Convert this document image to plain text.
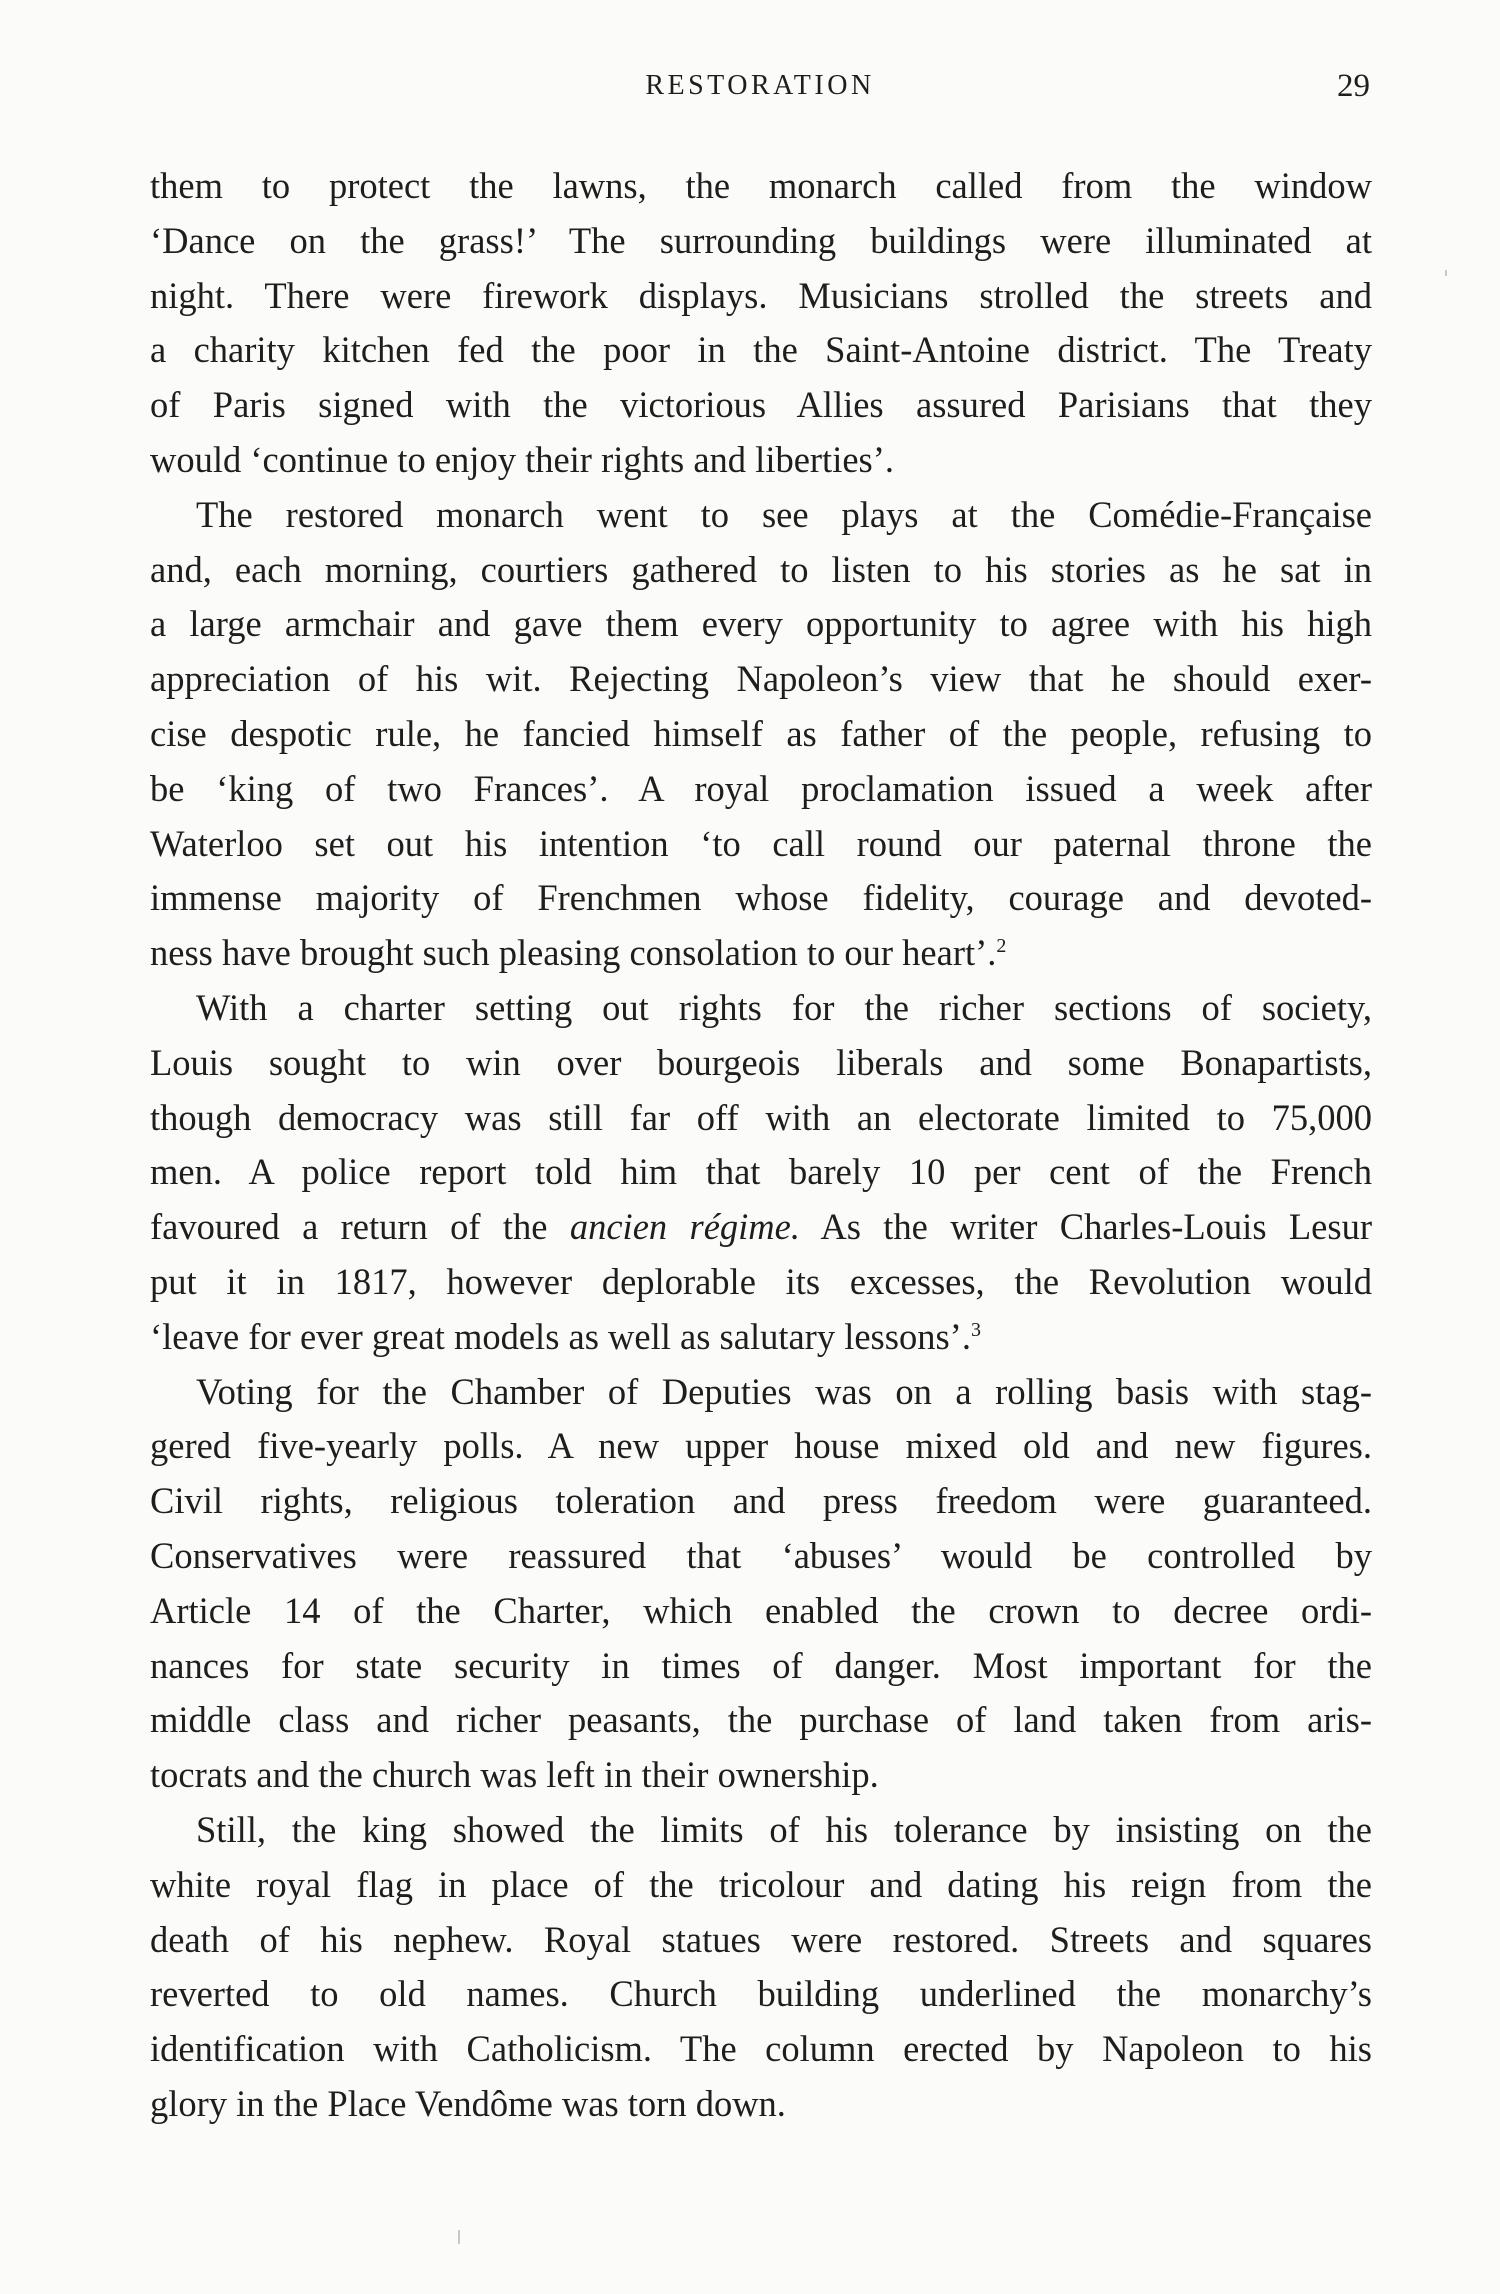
RESTORATION	29
them to protect the lawns, the monarch called from the window
‘Dance on the grass!’ The surrounding buildings were illuminated at
night. There were firework displays. Musicians strolled the streets and
a charity kitchen fed the poor in the Saint-Antoine district. The Treaty
of Paris signed with the victorious Allies assured Parisians that they
would ‘continue to enjoy their rights and liberties’.
The restored monarch went to see plays at the Comédie-Française
and, each morning, courtiers gathered to listen to his stories as he sat in
a large armchair and gave them every opportunity to agree with his high
appreciation of his wit. Rejecting Napoleon’s view that he should exer-
cise despotic rule, he fancied himself as father of the people, refusing to
be ‘king of two Frances’. A royal proclamation issued a week after
Waterloo set out his intention ‘to call round our paternal throne the
immense majority of Frenchmen whose fidelity, courage and devoted-
ness have brought such pleasing consolation to our heart’.$^2$
With a charter setting out rights for the richer sections of society,
Louis sought to win over bourgeois liberals and some Bonapartists,
though democracy was still far off with an electorate limited to 75,000
men. A police report told him that barely 10 per cent of the French
favoured a return of the ancien régime. As the writer Charles-Louis Lesur
put it in 1817, however deplorable its excesses, the Revolution would
‘leave for ever great models as well as salutary lessons’.$^3$
Voting for the Chamber of Deputies was on a rolling basis with stag-
gered five-yearly polls. A new upper house mixed old and new figures.
Civil rights, religious toleration and press freedom were guaranteed.
Conservatives were reassured that ‘abuses’ would be controlled by
Article 14 of the Charter, which enabled the crown to decree ordi-
nances for state security in times of danger. Most important for the
middle class and richer peasants, the purchase of land taken from aris-
tocrats and the church was left in their ownership.
Still, the king showed the limits of his tolerance by insisting on the
white royal flag in place of the tricolour and dating his reign from the
death of his nephew. Royal statues were restored. Streets and squares
reverted to old names. Church building underlined the monarchy’s
identification with Catholicism. The column erected by Napoleon to his
glory in the Place Vendôme was torn down.
